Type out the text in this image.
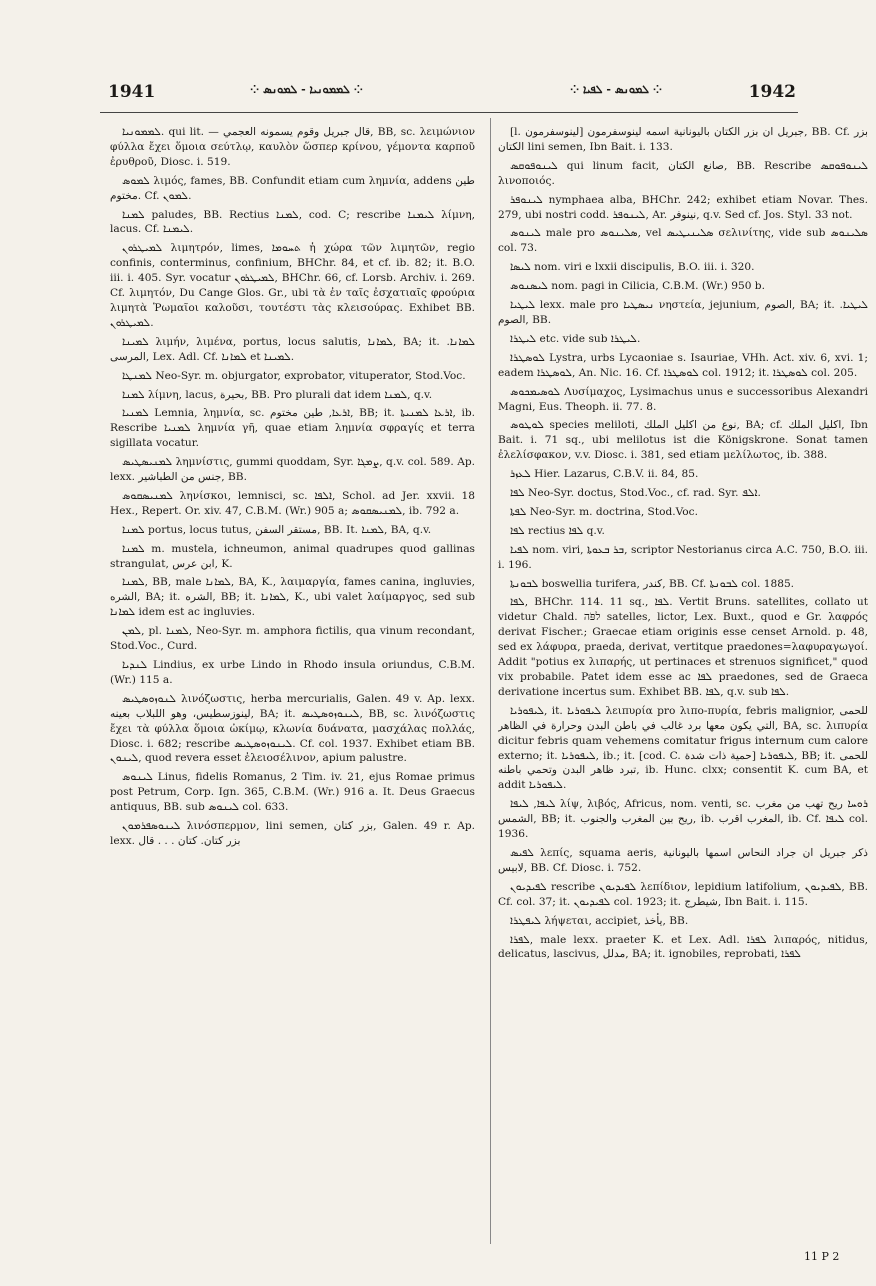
1941	⁘ ܠܡܡܘܢܝܐ - ܠܡܘܢܣ ⁘	⁘ ܠܡܘܢܣ - ܠܦܝܐ ⁘	1942

ܠܡܡܘܢܝܐ. qui lit. — قال جبريل وقوم يسمونه العجمي, BB, sc. λειμώνιον φύλλα ἔχει ὅμοια σεύτλῳ, καυλὸν ὥσπερ κρίνου, γέμοντα καρποῦ ἐρυθροῦ, Diosc. i. 519.

ܠܡܘܣ λιμός, fames, BB. Confundit etiam cum λημνία, addens طين مختوم. Cf. ܠܡܘܢ.

ܠܡܢܐ paludes, BB. Rectius ܠܡܢܐ, cod. C; rescribe ܠܝܡܢܐ λίμνη, lacus. Cf. ܠܝܡܢܐ.

ܠܡܝܛܪܘܢ λιμητρόν, limes, ܬܚܘܡܐ ἡ χώρα τῶν λιμητῶν, regio confinis, conterminus, confinium, BHChr. 84, et cf. ib. 82; it. B.O. iii. i. 405. Syr. vocatur ܠܡܝܛܪܘܢ, BHChr. 66, cf. Lorsb. Archiv. i. 269. Cf. λιμητόν, Du Cange Glos. Gr., ubi τὰ ἐν ταῖς ἐσχατιαῖς φρούρια λιμητὰ Ῥωμαῖοι καλοῦσι, τουτέστι τὰς κλεισούρας. Exhibet BB. ܠܡܝܛܪܘܢ.

ܠܡܝܢܐ λιμήν, λιμένα, portus, locus salutis, ܠܡܐܢܐ, BA; it. ܠܡܐܢܐ. المرسى, Lex. Adl. Cf. ܠܡܐܢܐ et ܠܡܝܢܐ.

ܠܡܢܛܐ Neo-Syr. m. objurgator, exprobator, vituperator, Stod.Voc.

ܠܡܢܐ λίμνη, lacus, بحيرة, BB. Pro plurali dat idem ܠܡܢܐ, q.v.

ܠܡܢܝܐ Lemnia, λημνία, sc. ܐܪܥܐ, طين مختوم, BB; it. ܐܪܥܐ ܠܡܢܝܬܐ, ib. Rescribe ܠܡܢܝܐ λημνία γῆ, quae etiam λημνία σφραγίς et terra sigillata vocatur.

ܠܡܢܝܣܛܝܣ λημνίστις, gummi quoddam, Syr. ܨܡܓܐ, q.v. col. 589. Ap. lexx. جنس من الطباشير, BB.

ܠܡܢܝܣܩܘܣ ληνίσκοι, lemnisci, sc. ܐܠܦܐ, Schol. ad Jer. xxvii. 18 Hex., Repert. Or. xiv. 47, C.B.M. (Wr.) 905 a; ܠܡܢܝܣܩܘܣ, ib. 792 a.

ܠܡܢܐ portus, locus tutus, مستقر السفن, BB. It. ܠܡܢܐ, BA, q.v.

ܠܡܢܐ m. mustela, ichneumon, animal quadrupes quod gallinas strangulat, ابن عرس, K.

ܠܡܢܐ, BB, male ܠܡܐܢܐ, BA, K., λαιμαργία, fames canina, ingluvies, الشره, BA; it. الشره, BB; it. ܠܡܐܢܐ, K., ubi valet λαίμαργος, sed sub ܠܡܐܢܐ idem est ac ingluvies.

ܠܡܢ, pl. ܠܡܢܐ, Neo-Syr. m. amphora fictilis, qua vinum recondant, Stod.Voc., Curd.

ܠܢܕܝܐ Lindius, ex urbe Lindo in Rhodo insula oriundus, C.B.M. (Wr.) 115 a.

ܠܢܘܙܘܣܛܝܣ λινόζωστις, herba mercurialis, Galen. 49 v. Ap. lexx. لينوزسطيس، وهو اللبلاب بعينه, BA; it. ܠܝܢܘܙܘܣܛܝܣ, BB, sc. λινόζωστις ἔχει τὰ φύλλα ὅμοια ὠκίμῳ, κλωνία δυάνατα, μασχάλας πολλάς, Diosc. i. 682; rescribe ܠܝܢܘܙܘܣܛܝܣ. Cf. col. 1937. Exhibet etiam BB. ܠܝܢܘܢ, quod revera esset ἐλειοσέλινον, apium palustre.

ܠܝܢܘܣ Linus, fidelis Romanus, 2 Tim. iv. 21, ejus Romae primus post Petrum, Corp. Ign. 365, C.B.M. (Wr.) 916 a. It. Deus Graecus antiquus, BB. sub ܠܝܢܘܣ col. 633.

ܠܝܢܘܣܦܪܡܘܢ λινόσπερμον, lini semen, بزر كتان, Galen. 49 r. Ap. lexx. بزر كتان. كتان . . . قال

[l. جبريل ان بزر الكتان باليونانية اسمه لينوسفرمون [لينوسفرمون, BB. Cf. بزر الكتان lini semen, Ibn Bait. i. 133.

ܠܝܢܘܦܘܩܣ qui linum facit, صانع الكتان, BB. Rescribe ܠܝܢܘܦܘܩܣ λινοποιός.

ܠܝܢܘܦܪ nymphaea alba, BHChr. 242; exhibet etiam Novar. Thes. 279, ubi nostri codd. ܠܝܢܘܦܪ, Ar. نينوفر, q.v. Sed cf. Jos. Styl. 33 not.

ܠܝܢܘܣ male pro ܣܠܝܢܘܣ, vel ܣܠܝܢܝܛܝܣ σελινίτης, vide sub ܣܠܝܢܘܣ col. 73.

ܠܝܣܐ nom. viri e lxxii discipulis, B.O. iii. i. 320.

ܠܝܣܢܘܣ nom. pagi in Cilicia, C.B.M. (Wr.) 950 b.

ܠܝܛܝܐ lexx. male pro ܢܝܣܛܝܐ νηστεία, jejunium, الصوم, BA; it. ܠܝܛܝܐ. الصوم, BB.

ܠܝܛܪܐ etc. vide sub ܠܝܛܪܐ.

ܠܘܣܛܪܐ Lystra, urbs Lycaoniae s. Isauriae, VHh. Act. xiv. 6, xvi. 1; eadem ܠܘܣܛܪܐ, An. Nic. 16. Cf. ܠܘܣܛܪܐ col. 1912; it. ܠܘܣܛܪܐ col. 205.

ܠܘܣܝܡܟܘܣ Λυσίμαχος, Lysimachus unus e successoribus Alexandri Magni, Eus. Theoph. ii. 77. 8.

ܠܘܛܘܣ species meliloti, نوع من اكليل الملك, BA; cf. اكليل الملك, Ibn Bait. i. 71 sq., ubi melilotus ist die Königskrone. Sonat tamen ἐλελίσφακον, v.v. Diosc. i. 381, sed etiam μελίλωτος, ib. 388.

ܠܥܙܪ Hier. Lazarus, C.B.V. ii. 84, 85.

ܠܦܐ Neo-Syr. doctus, Stod.Voc., cf. rad. Syr. ܐܠܦ.

ܠܦܬܐ Neo-Syr. m. doctrina, Stod.Voc.

ܠܦܐ rectius ܠܦܐ q.v.

ܠܦܝܐ nom. viri, ܒܪ ܒܥܘܬܐ, scriptor Nestorianus circa A.C. 750, B.O. iii. i. 196.

ܠܒܘܢܬܐ boswellia turifera, كندر, BB. Cf. ܠܒܘܢܬܐ col. 1885.

ܠܦܐ, BHChr. 114. 11 sq., ܠܦܐ. Vertit Bruns. satellites, collato ut videtur Chald. לפֹּה satelles, lictor, Lex. Buxt., quod e Gr. λαφρός derivat Fischer.; Graecae etiam originis esse censet Arnold. p. 48, sed ex λάφυρα, praeda, derivat, vertitque praedones=λαφυραγωγοί. Addit "potius ex λιπαρής, ut pertinaces et strenuos significet," quod vix probabile. Patet idem esse ac ܠܦܐ praedones, sed de Graeca derivatione incertus sum. Exhibet BB. ܠܦܐ, q.v. sub ܠܦܐ.

ܠܝܦܘܪܝܐ, it. ܠܝܦܘܪܝܐ λειπυρία pro λιπο-πυρία, febris malignior, للحمى التي يكون معها برد غالب في باطن البدن وحرارة في الظاهر, BA, sc. λιπυρία dicitur febris quam vehemens comitatur frigus internum cum calore externo; it. ܠܝܦܘܪܝܐ, ib.; it. [cod. C. حمية ذات شدة] ܠܝܦܘܪܝܐ, BB; it. للحمى تبرد ظاهر البدن وتحمي باطنه, ib. Hunc. clxx; consentit K. cum BA, et addit ܠܝܦܘܪܝܐ.

ܠܝܦܐ, ܠܝܦܐ λίψ, λιβός, Africus, nom. venti, sc. ܪܘܚܐ ريح تهب من مغرب الشمس, BB; it. ريح بين المغرب والجنوب, ib. المغرب اقرب, ib. Cf. ܠܝܦܐ col. 1936.

ܠܦܝܣ λεπίς, squama aeris, ذكر جبريل ان جراد النحاس اسمها باليونانية لابيس, BB. Cf. Diosc. i. 752.

ܠܦܝܕܝܘܢ rescribe ܠܦܝܕܝܘܢ λεπίδιον, lepidium latifolium, ܠܦܝܕܝܘܢ, BB. Cf. col. 37; it. ܠܦܝܕܝܘܢ col. 1923; it. شيطرج, Ibn Bait. i. 115.

ܠܝܦܛܪܐ λήψεται, accipiet, يأخذ, BB.

ܠܦܪܐ, male lexx. praeter K. et Lex. Adl. ܠܦܪܐ λιπαρός, nitidus, delicatus, lascivus, مدلل, BA; it. ignobiles, reprobati, ܠܦܪܐ

11 P 2
